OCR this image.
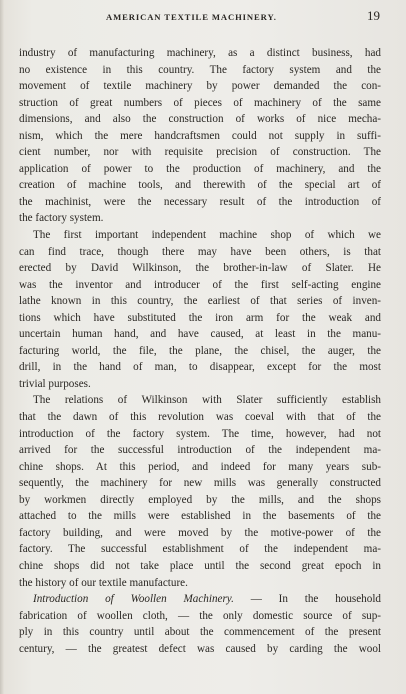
AMERICAN TEXTILE MACHINERY.	19
industry of manufacturing machinery, as a distinct business, had
no existence in this country. The factory system and the
movement of textile machinery by power demanded the con-
struction of great numbers of pieces of machinery of the same
dimensions, and also the construction of works of nice mecha-
nism, which the mere handcraftsmen could not supply in suffi-
cient number, nor with requisite precision of construction. The
application of power to the production of machinery, and the
creation of machine tools, and therewith of the special art of
the machinist, were the necessary result of the introduction of
the factory system.
The first important independent machine shop of which we
can find trace, though there may have been others, is that
erected by David Wilkinson, the brother-in-law of Slater. He
was the inventor and introducer of the first self-acting engine
lathe known in this country, the earliest of that series of inven-
tions which have substituted the iron arm for the weak and
uncertain human hand, and have caused, at least in the manu-
facturing world, the file, the plane, the chisel, the auger, the
drill, in the hand of man, to disappear, except for the most
trivial purposes.
The relations of Wilkinson with Slater sufficiently establish
that the dawn of this revolution was coeval with that of the
introduction of the factory system. The time, however, had not
arrived for the successful introduction of the independent ma-
chine shops. At this period, and indeed for many years sub-
sequently, the machinery for new mills was generally constructed
by workmen directly employed by the mills, and the shops
attached to the mills were established in the basements of the
factory building, and were moved by the motive-power of the
factory. The successful establishment of the independent ma-
chine shops did not take place until the second great epoch in
the history of our textile manufacture.
Introduction of Woollen Machinery. — In the household
fabrication of woollen cloth, — the only domestic source of sup-
ply in this country until about the commencement of the present
century, — the greatest defect was caused by carding the wool
